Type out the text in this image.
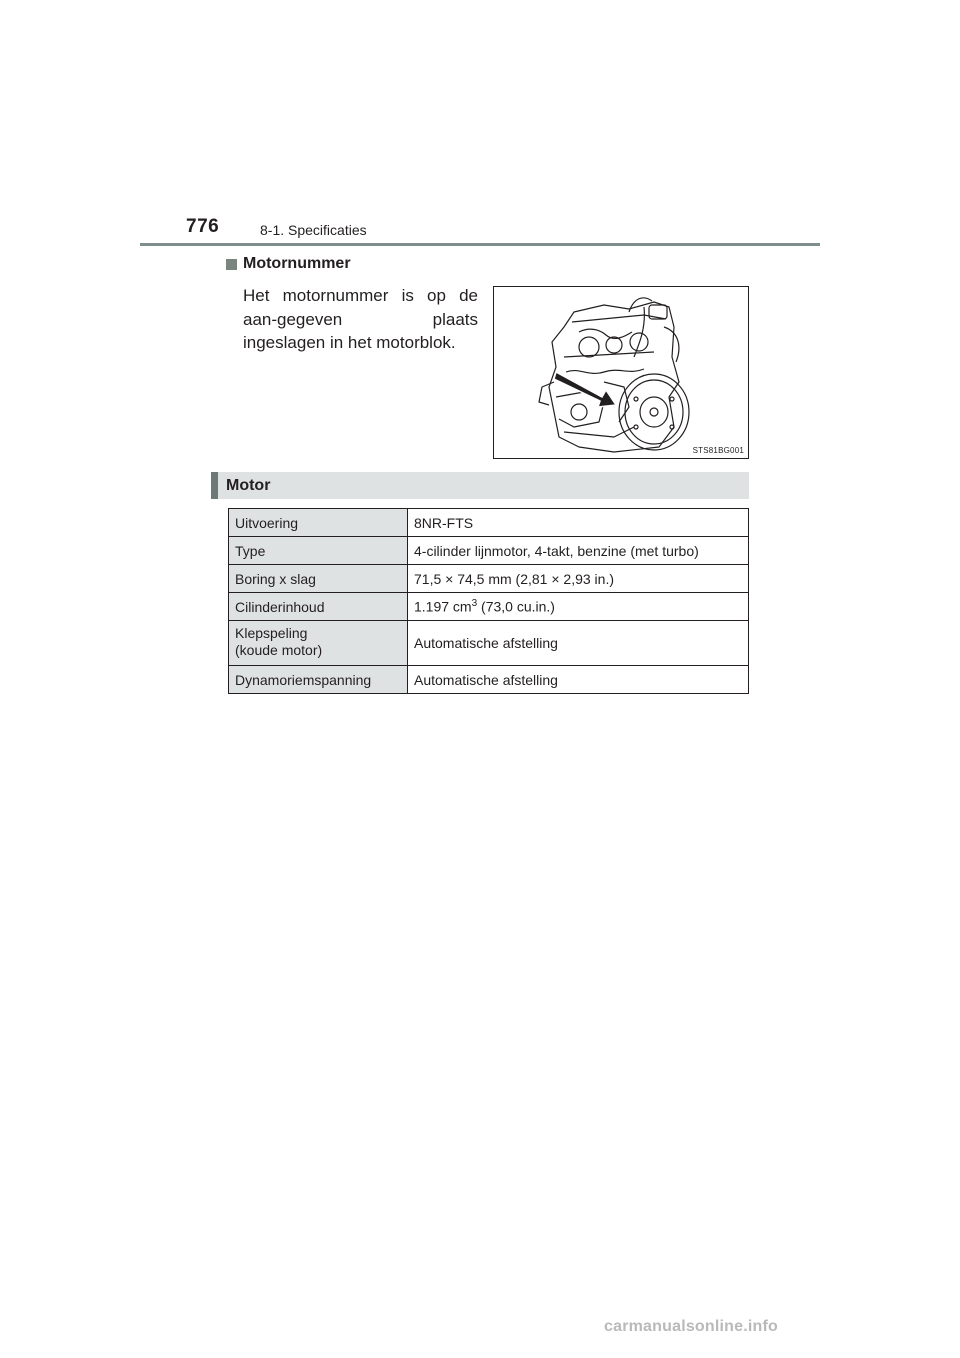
776	8-1. Specificaties
Motornummer
Het motornummer is op de aan-gegeven plaats ingeslagen in het motorblok.
STS81BG001
Motor
Uitvoering	8NR-FTS
Type	4-cilinder lijnmotor, 4-takt, benzine (met turbo)
Boring x slag	71,5 × 74,5 mm (2,81 × 2,93 in.)
Cilinderinhoud	1.197 $cm^3$ (73,0 cu.in.)
Klepspeling
(koude motor)	Automatische afstelling
Dynamoriemspanning	Automatische afstelling
carmanualsonline.info
